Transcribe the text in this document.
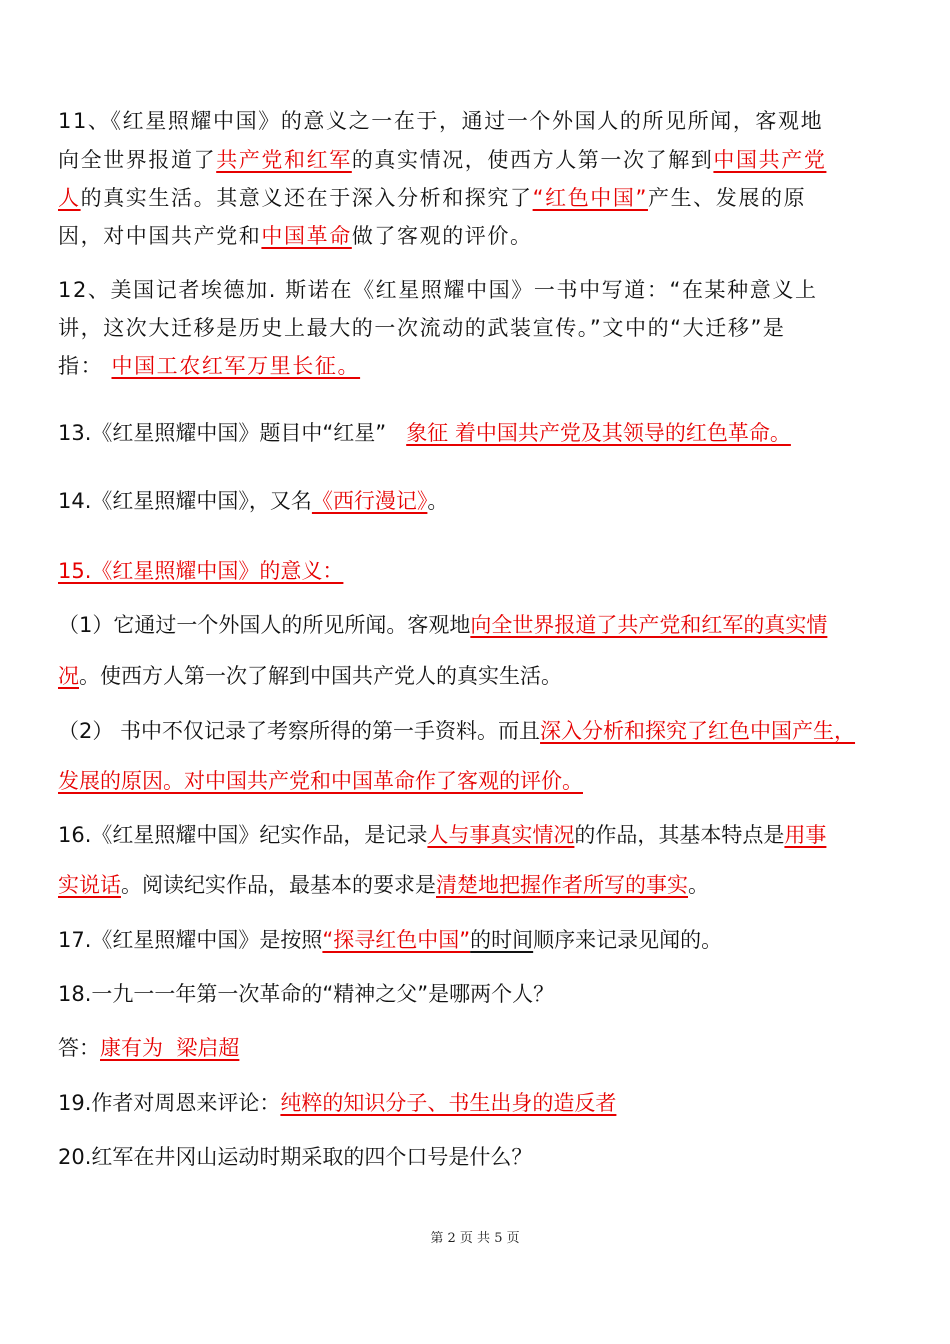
11、《红星照耀中国》的意义之一在于，通过一个外国人的所见所闻，客观地
向全世界报道了共产党和红军的真实情况，使西方人第一次了解到中国共产党
人的真实生活。其意义还在于深入分析和探究了“红色中国”产生、发展的原
因，对中国共产党和中国革命做了客观的评价。
12、美国记者埃德加. 斯诺在《红星照耀中国》一书中写道：“在某种意义上
讲，这次大迁移是历史上最大的一次流动的武装宣传。”文中的“大迁移”是
指： 中国工农红军万里长征。
13.《红星照耀中国》题目中“红星” 象征 着中国共产党及其领导的红色革命。
14.《红星照耀中国》，又名《西行漫记》。
15.《红星照耀中国》的意义：
（1）它通过一个外国人的所见所闻。客观地向全世界报道了共产党和红军的真实情
况。使西方人第一次了解到中国共产党人的真实生活。
（2） 书中不仅记录了考察所得的第一手资料。而且深入分析和探究了红色中国产生，
发展的原因。对中国共产党和中国革命作了客观的评价。
16.《红星照耀中国》纪实作品，是记录人与事真实情况的作品，其基本特点是用事
实说话。阅读纪实作品，最基本的要求是清楚地把握作者所写的事实。
17.《红星照耀中国》是按照“探寻红色中国”的时间顺序来记录见闻的。
18.一九一一年第一次革命的“精神之父”是哪两个人？
答：康有为  梁启超
19.作者对周恩来评论：纯粹的知识分子、书生出身的造反者
20.红军在井冈山运动时期采取的四个口号是什么？
第 2 页 共 5 页
